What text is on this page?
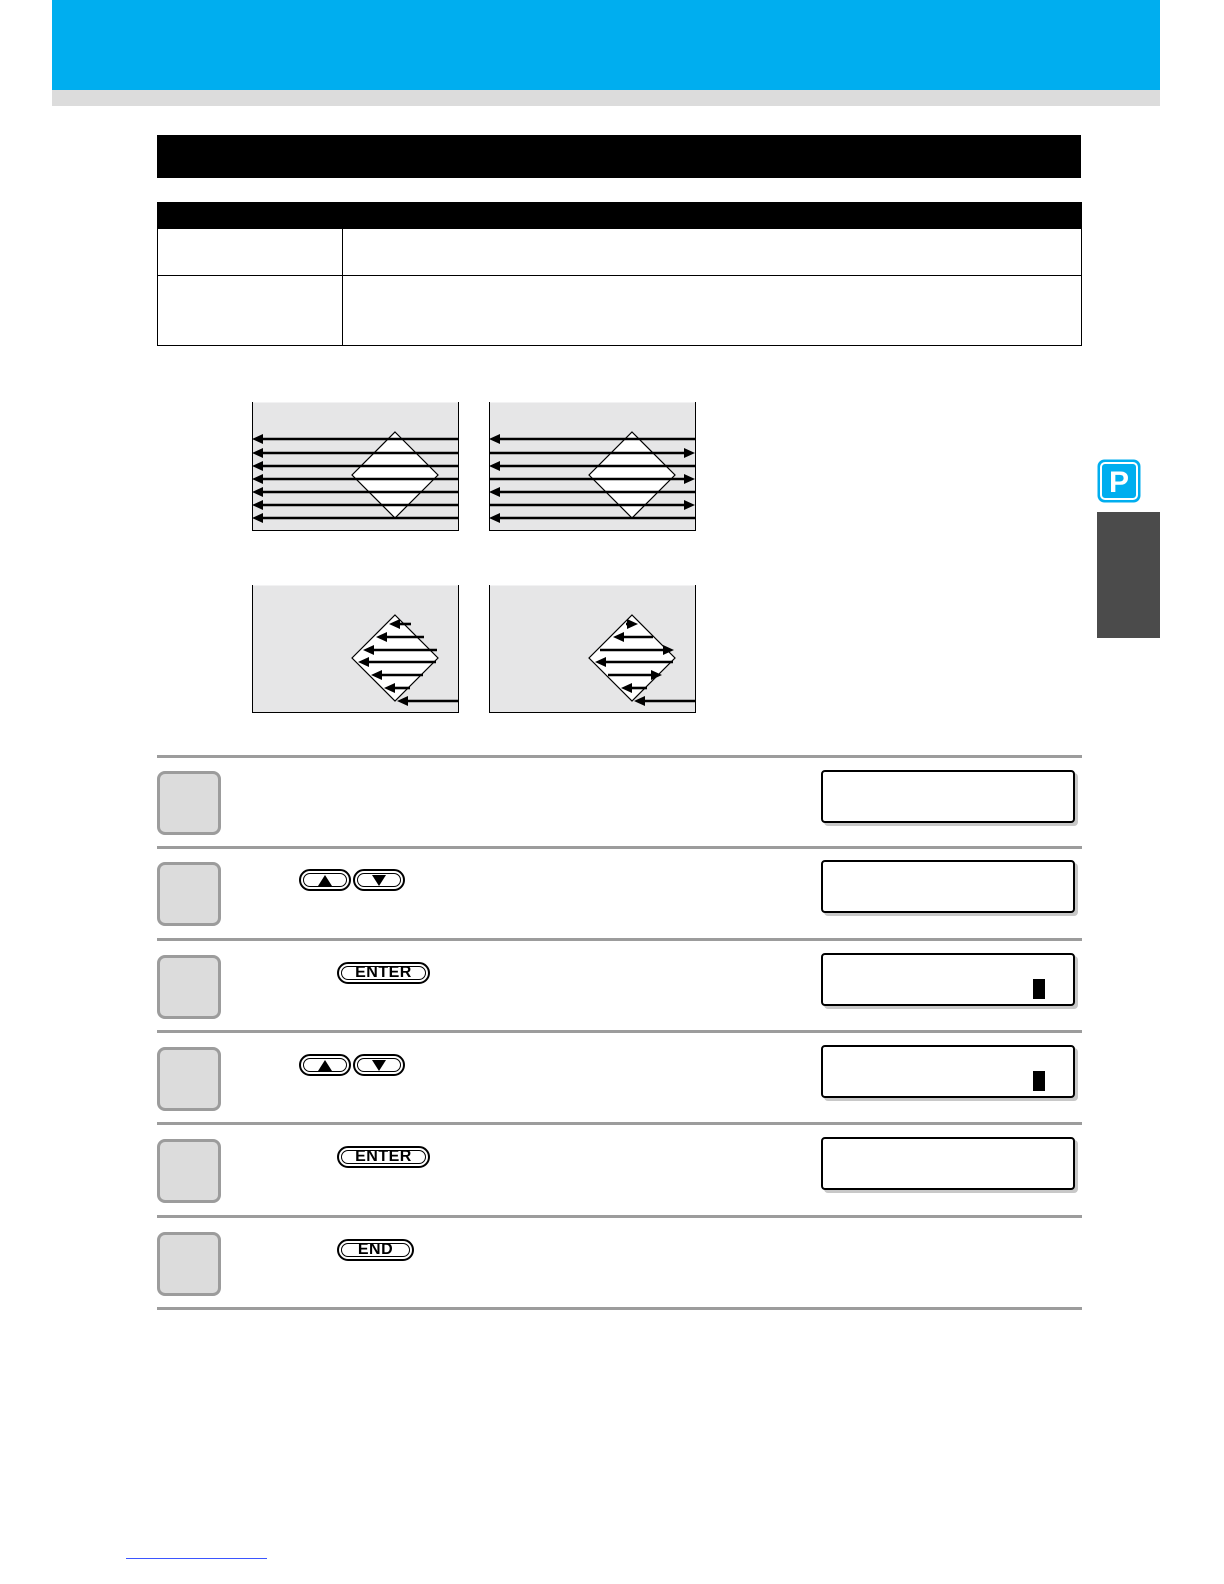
P
ENTER
ENTER
END
